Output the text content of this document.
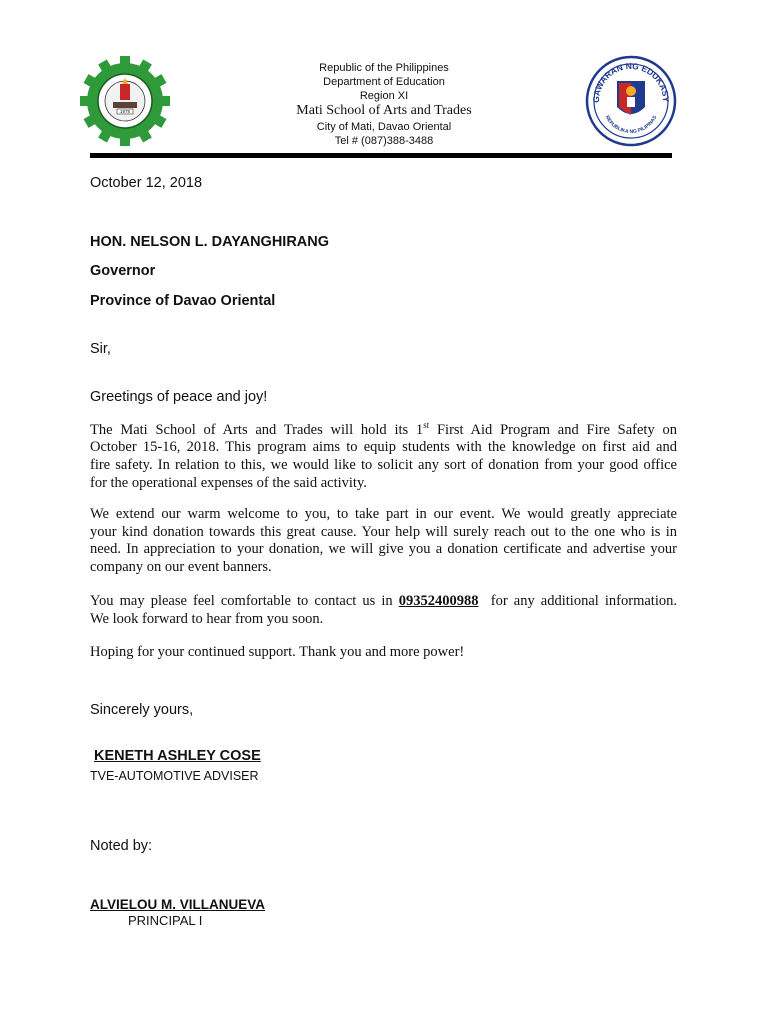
1978
Republic of the Philippines
Department of Education
Region XI
Mati School of Arts and Trades
City of Mati, Davao Oriental
Tel # (087)388-3488
GAWARAN NG EDUKASY
REPUBLIKA NG PILIPINAS
October 12, 2018
HON. NELSON L. DAYANGHIRANG
Governor
Province of Davao Oriental
Sir,
Greetings of peace and joy!
The Mati School of Arts and Trades will hold its 1st First Aid Program and Fire Safety on
October 15-16, 2018. This program aims to equip students with the knowledge on first aid and
fire safety. In relation to this, we would like to solicit any sort of donation from your good office
for the operational expenses of the said activity.
We extend our warm welcome to you, to take part in our event. We would greatly appreciate
your kind donation towards this great cause. Your help will surely reach out to the one who is in
need. In appreciation to your donation, we will give you a donation certificate and advertise your
company on our event banners.
You may please feel comfortable to contact us in 09352400988  for any additional information.
We look forward to hear from you soon.
Hoping for your continued support. Thank you and more power!
Sincerely yours,
KENETH ASHLEY COSE
TVE-AUTOMOTIVE ADVISER
Noted by:
ALVIELOU M. VILLANUEVA
PRINCIPAL I
